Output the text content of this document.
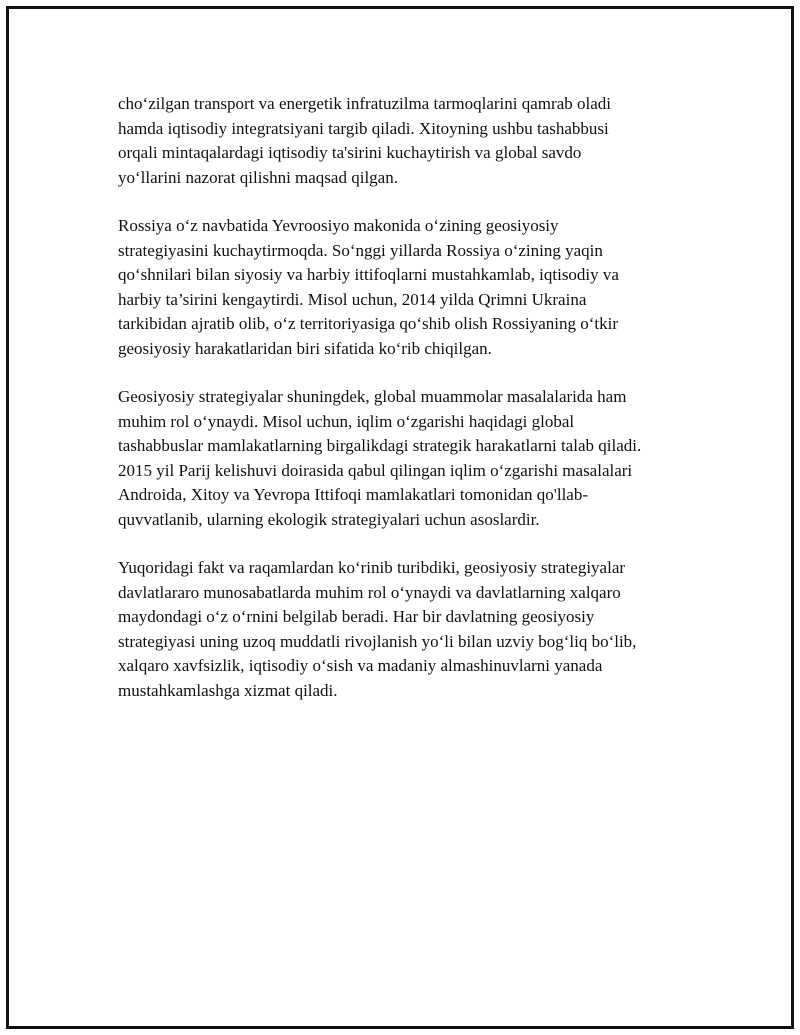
cho‘zilgan transport va energetik infratuzilma tarmoqlarini qamrab oladi
hamda iqtisodiy integratsiyani targib qiladi. Xitoyning ushbu tashabbusi
orqali mintaqalardagi iqtisodiy ta'sirini kuchaytirish va global savdo
yo‘llarini nazorat qilishni maqsad qilgan.

Rossiya o‘z navbatida Yevroosiyo makonida o‘zining geosiyosiy
strategiyasini kuchaytirmoqda. So‘nggi yillarda Rossiya o‘zining yaqin
qo‘shnilari bilan siyosiy va harbiy ittifoqlarni mustahkamlab, iqtisodiy va
harbiy ta’sirini kengaytirdi. Misol uchun, 2014 yilda Qrimni Ukraina
tarkibidan ajratib olib, o‘z territoriyasiga qo‘shib olish Rossiyaning o‘tkir
geosiyosiy harakatlaridan biri sifatida ko‘rib chiqilgan.

Geosiyosiy strategiyalar shuningdek, global muammolar masalalarida ham
muhim rol o‘ynaydi. Misol uchun, iqlim o‘zgarishi haqidagi global
tashabbuslar mamlakatlarning birgalikdagi strategik harakatlarni talab qiladi.
2015 yil Parij kelishuvi doirasida qabul qilingan iqlim o‘zgarishi masalalari
Androida, Xitoy va Yevropa Ittifoqi mamlakatlari tomonidan qo'llab-
quvvatlanib, ularning ekologik strategiyalari uchun asoslardir.

Yuqoridagi fakt va raqamlardan ko‘rinib turibdiki, geosiyosiy strategiyalar
davlatlararo munosabatlarda muhim rol o‘ynaydi va davlatlarning xalqaro
maydondagi o‘z o‘rnini belgilab beradi. Har bir davlatning geosiyosiy
strategiyasi uning uzoq muddatli rivojlanish yo‘li bilan uzviy bog‘liq bo‘lib,
xalqaro xavfsizlik, iqtisodiy o‘sish va madaniy almashinuvlarni yanada
mustahkamlashga xizmat qiladi.
